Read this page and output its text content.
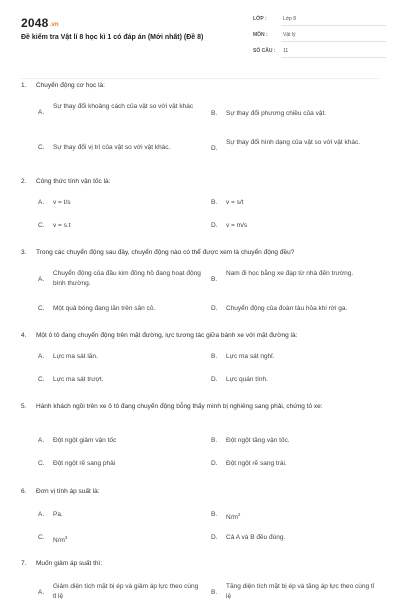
2048.vn
Đề kiểm tra Vật lí 8 học kì 1 có đáp án (Mới nhất) (Đề 8)
LỚP :	Lớp 8
MÔN :	Vật lý
SỐ CÂU : 11
1. Chuyển động cơ học là:
A.
Sự thay đổi khoảng cách của vật so với vật khác
B. Sự thay đổi phương chiều của vật.
C. Sự thay đổi vị trí của vật so với vật khác.	D.
Sự thay đổi hình dạng của vật so với vật khác.
2. Công thức tính vận tốc là:
A. v = t/s	B. v = s/t
C. v = s.t	D. v = m/s
3. Trong các chuyển động sau đây, chuyển động nào có thể được xem là chuyển động đều?
A.
Chuyển động của đầu kim đồng hồ đang hoạt động bình thường.
B.
Nam đi học bằng xe đạp từ nhà đến trường.
C. Một quả bóng đang lăn trên sân cỏ.	D. Chuyển động của đoàn tàu hỏa khi rời ga.
4. Một ô tô đang chuyển động trên mặt đường, lực tương tác giữa bánh xe với mặt đường là:
A. Lực ma sát lăn.	B. Lực ma sát nghỉ.
C. Lực ma sát trượt.	D. Lực quán tính.
5. Hành khách ngồi trên xe ô tô đang chuyển động bỗng thấy mình bị nghiêng sang phải, chứng tỏ xe:
A. Đột ngột giảm vận tốc	B. Đột ngột tăng vận tốc.
C. Đột ngột rẽ sang phải	D. Đột ngột rẽ sang trái.
6. Đơn vị tính áp suất là:
A. Pa.	B. $N/m^2$
C. $N/m^3$	D. Cả A và B đều đúng.
7. Muốn giảm áp suất thì:
A.
Giảm diện tích mặt bị ép và giảm áp lực theo cùng tỉ lệ
B.
Tăng diện tích mặt bị ép và tăng áp lực theo cùng tỉ lệ
